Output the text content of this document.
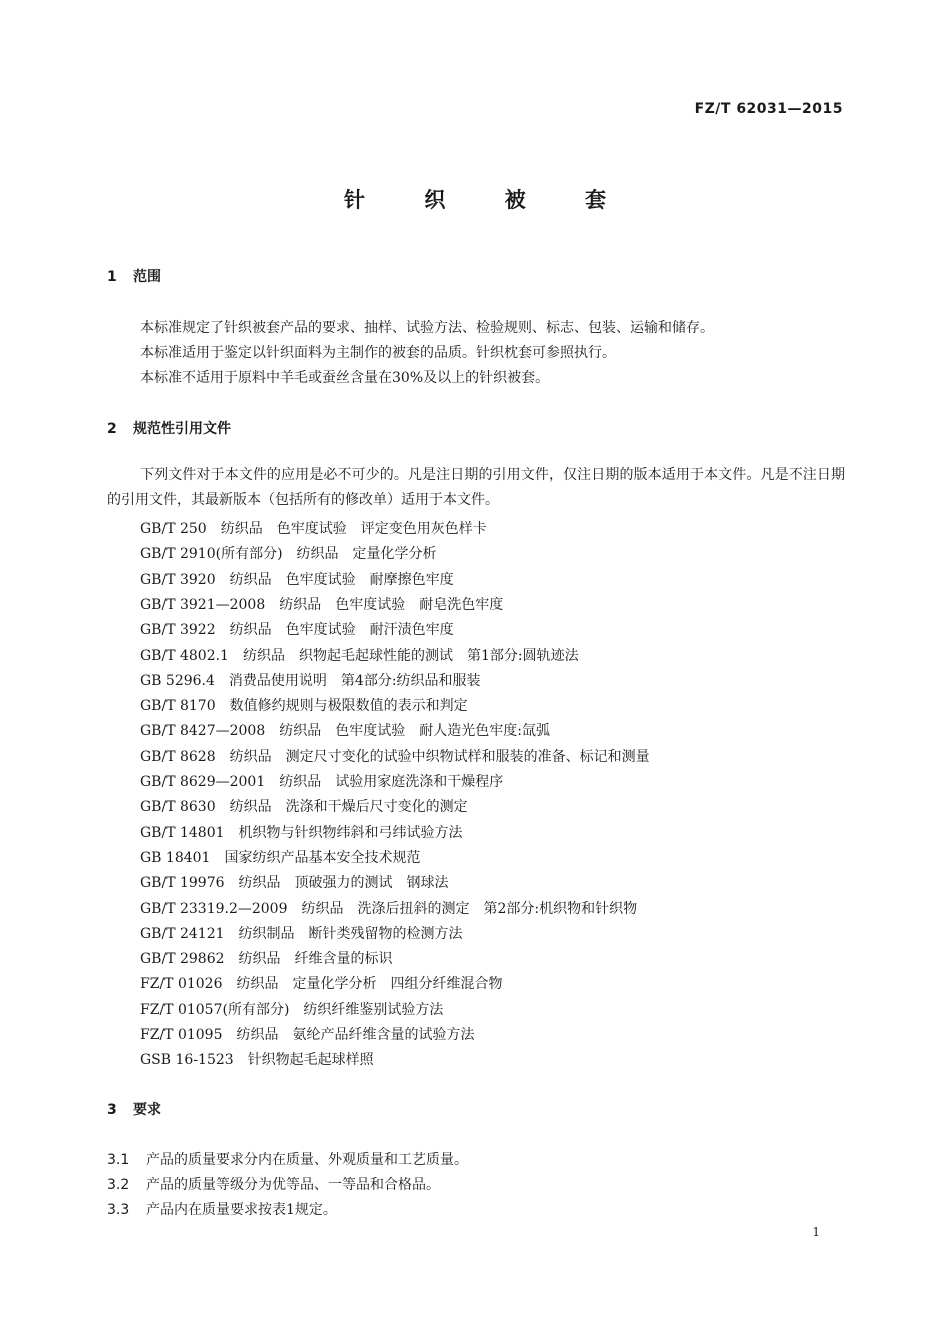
FZ/T 62031—2015
针 织 被 套
1 范围
本标准规定了针织被套产品的要求、抽样、试验方法、检验规则、标志、包装、运输和储存。
本标准适用于鉴定以针织面料为主制作的被套的品质。针织枕套可参照执行。
本标准不适用于原料中羊毛或蚕丝含量在30%及以上的针织被套。
2 规范性引用文件
下列文件对于本文件的应用是必不可少的。凡是注日期的引用文件，仅注日期的版本适用于本文件。凡是不注日期的引用文件，其最新版本（包括所有的修改单）适用于本文件。
GB/T 250 纺织品 色牢度试验 评定变色用灰色样卡
GB/T 2910(所有部分) 纺织品 定量化学分析
GB/T 3920 纺织品 色牢度试验 耐摩擦色牢度
GB/T 3921—2008 纺织品 色牢度试验 耐皂洗色牢度
GB/T 3922 纺织品 色牢度试验 耐汗渍色牢度
GB/T 4802.1 纺织品 织物起毛起球性能的测试 第1部分:圆轨迹法
GB 5296.4 消费品使用说明 第4部分:纺织品和服装
GB/T 8170 数值修约规则与极限数值的表示和判定
GB/T 8427—2008 纺织品 色牢度试验 耐人造光色牢度:氙弧
GB/T 8628 纺织品 测定尺寸变化的试验中织物试样和服装的准备、标记和测量
GB/T 8629—2001 纺织品 试验用家庭洗涤和干燥程序
GB/T 8630 纺织品 洗涤和干燥后尺寸变化的测定
GB/T 14801 机织物与针织物纬斜和弓纬试验方法
GB 18401 国家纺织产品基本安全技术规范
GB/T 19976 纺织品 顶破强力的测试 钢球法
GB/T 23319.2—2009 纺织品 洗涤后扭斜的测定 第2部分:机织物和针织物
GB/T 24121 纺织制品 断针类残留物的检测方法
GB/T 29862 纺织品 纤维含量的标识
FZ/T 01026 纺织品 定量化学分析 四组分纤维混合物
FZ/T 01057(所有部分) 纺织纤维鉴别试验方法
FZ/T 01095 纺织品 氨纶产品纤维含量的试验方法
GSB 16-1523 针织物起毛起球样照
3 要求
3.1 产品的质量要求分内在质量、外观质量和工艺质量。
3.2 产品的质量等级分为优等品、一等品和合格品。
3.3 产品内在质量要求按表1规定。
1
